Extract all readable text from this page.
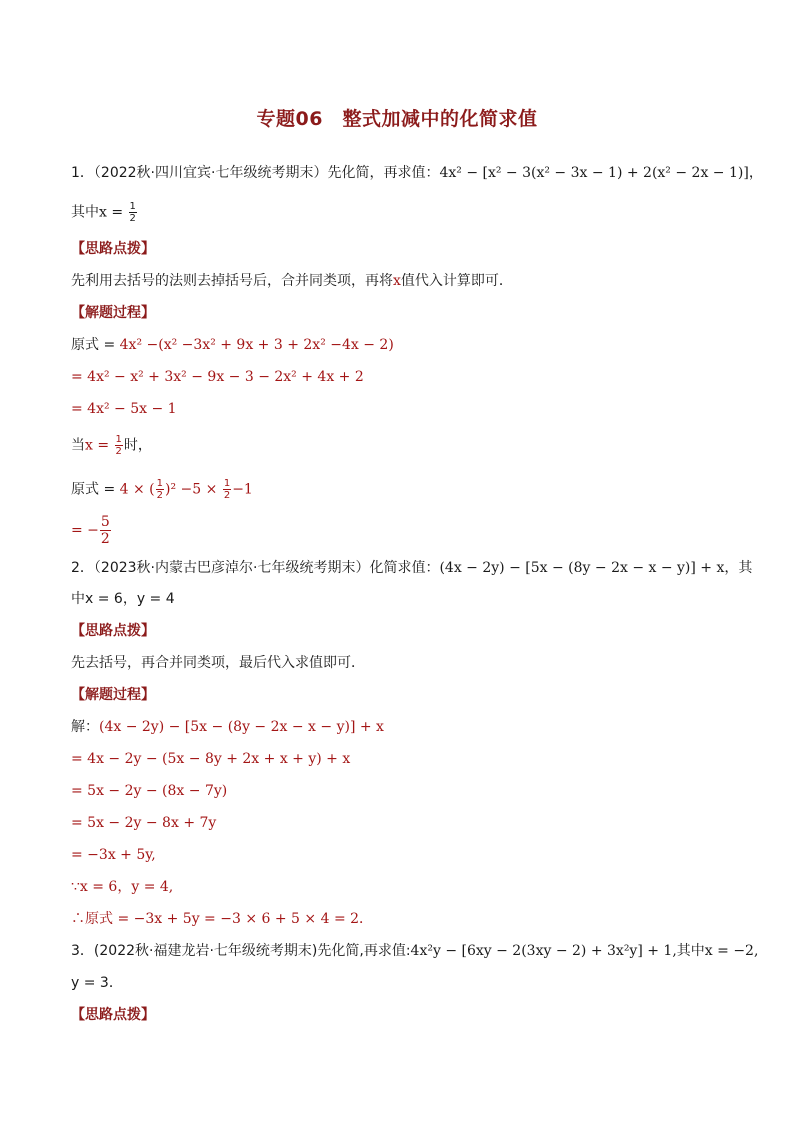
专题06　整式加减中的化简求值
1．（2022秋·四川宜宾·七年级统考期末）先化简，再求值：4x² − [x² − 3(x² − 3x − 1) + 2(x² − 2x − 1)]，
其中$x = \frac{1}{2}$
【思路点拨】
先利用去括号的法则去掉括号后，合并同类项，再将x值代入计算即可．
【解题过程】
原式 = 4x² −(x² −3x² + 9x + 3 + 2x² −4x − 2)
= 4x² − x² + 3x² − 9x − 3 − 2x² + 4x + 2
= 4x² − 5x − 1
当$x = \frac{1}{2}$ 时，
原式 = 4 × ( $\frac{1}{2} )^2 -5 \times \frac{1}{2} -1$
= − $\frac{5}{2}$
2．（2023秋·内蒙古巴彦淖尔·七年级统考期末）化简求值：(4x − 2y) − [5x − (8y − 2x − x − y)] + x，其
中x = 6，y = 4
【思路点拨】
先去括号，再合并同类项，最后代入求值即可．
【解题过程】
解：(4x − 2y) − [5x − (8y − 2x − x − y)] + x
= 4x − 2y − (5x − 8y + 2x + x + y) + x
= 5x − 2y − (8x − 7y)
= 5x − 2y − 8x + 7y
= −3x + 5y,
∵x = 6，y = 4,
∴原式 = −3x + 5y = −3 × 6 + 5 × 4 = 2．
3．(2022秋·福建龙岩·七年级统考期末)先化简,再求值:4x²y − [6xy − 2(3xy − 2) + 3x²y] + 1,其中x = −2,
y = 3．
【思路点拨】
